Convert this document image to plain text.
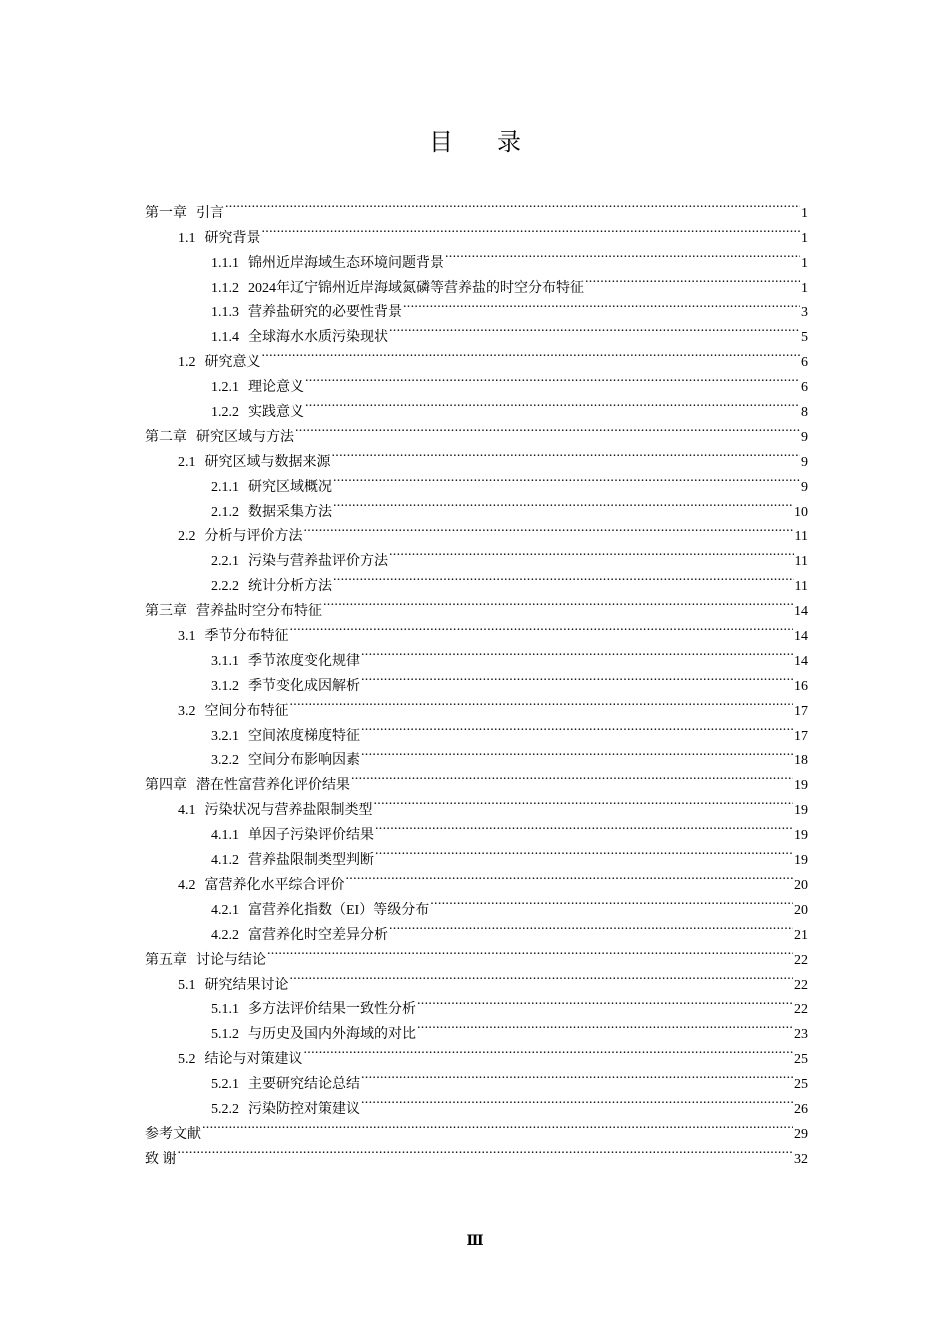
目录
第一章 引言 .....	1
1.1 研究背景 .....	1
1.1.1 锦州近岸海域生态环境问题背景 .....	1
1.1.2 2024年辽宁锦州近岸海域氮磷等营养盐的时空分布特征 .....	1
1.1.3 营养盐研究的必要性背景 .....	3
1.1.4 全球海水水质污染现状 .....	5
1.2 研究意义 .....	6
1.2.1 理论意义 .....	6
1.2.2 实践意义 .....	8
第二章 研究区域与方法 .....	9
2.1 研究区域与数据来源 .....	9
2.1.1 研究区域概况 .....	9
2.1.2 数据采集方法 .....	10
2.2 分析与评价方法 .....	11
2.2.1 污染与营养盐评价方法 .....	11
2.2.2 统计分析方法 .....	11
第三章 营养盐时空分布特征 .....	14
3.1 季节分布特征 .....	14
3.1.1 季节浓度变化规律 .....	14
3.1.2 季节变化成因解析 .....	16
3.2 空间分布特征 .....	17
3.2.1 空间浓度梯度特征 .....	17
3.2.2 空间分布影响因素 .....	18
第四章 潜在性富营养化评价结果 .....	19
4.1 污染状况与营养盐限制类型 .....	19
4.1.1 单因子污染评价结果 .....	19
4.1.2 营养盐限制类型判断 .....	19
4.2 富营养化水平综合评价 .....	20
4.2.1 富营养化指数（EI）等级分布 .....	20
4.2.2 富营养化时空差异分析 .....	21
第五章 讨论与结论 .....	22
5.1 研究结果讨论 .....	22
5.1.1 多方法评价结果一致性分析 .....	22
5.1.2 与历史及国内外海域的对比 .....	23
5.2 结论与对策建议 .....	25
5.2.1 主要研究结论总结 .....	25
5.2.2 污染防控对策建议 .....	26
参考文献 .....	29
致 谢 .....	32
Ⅲ
